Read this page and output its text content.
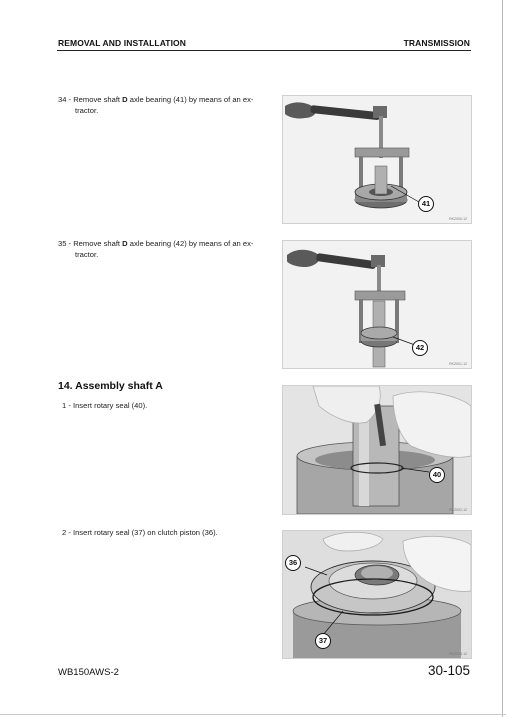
REMOVAL AND INSTALLATION	TRANSMISSION
34 - Remove shaft D axle bearing (41) by means of an ex-
tractor.
41
RKZ000-12
35 - Remove shaft D axle bearing (42) by means of an ex-
tractor.
42
RKZ001-12
14. Assembly shaft A
1 - Insert rotary seal (40).
40
RKZ002-12
2 - Insert rotary seal (37) on clutch piston (36).
36
37
RKZ003-12
WB150AWS-2	30-105
